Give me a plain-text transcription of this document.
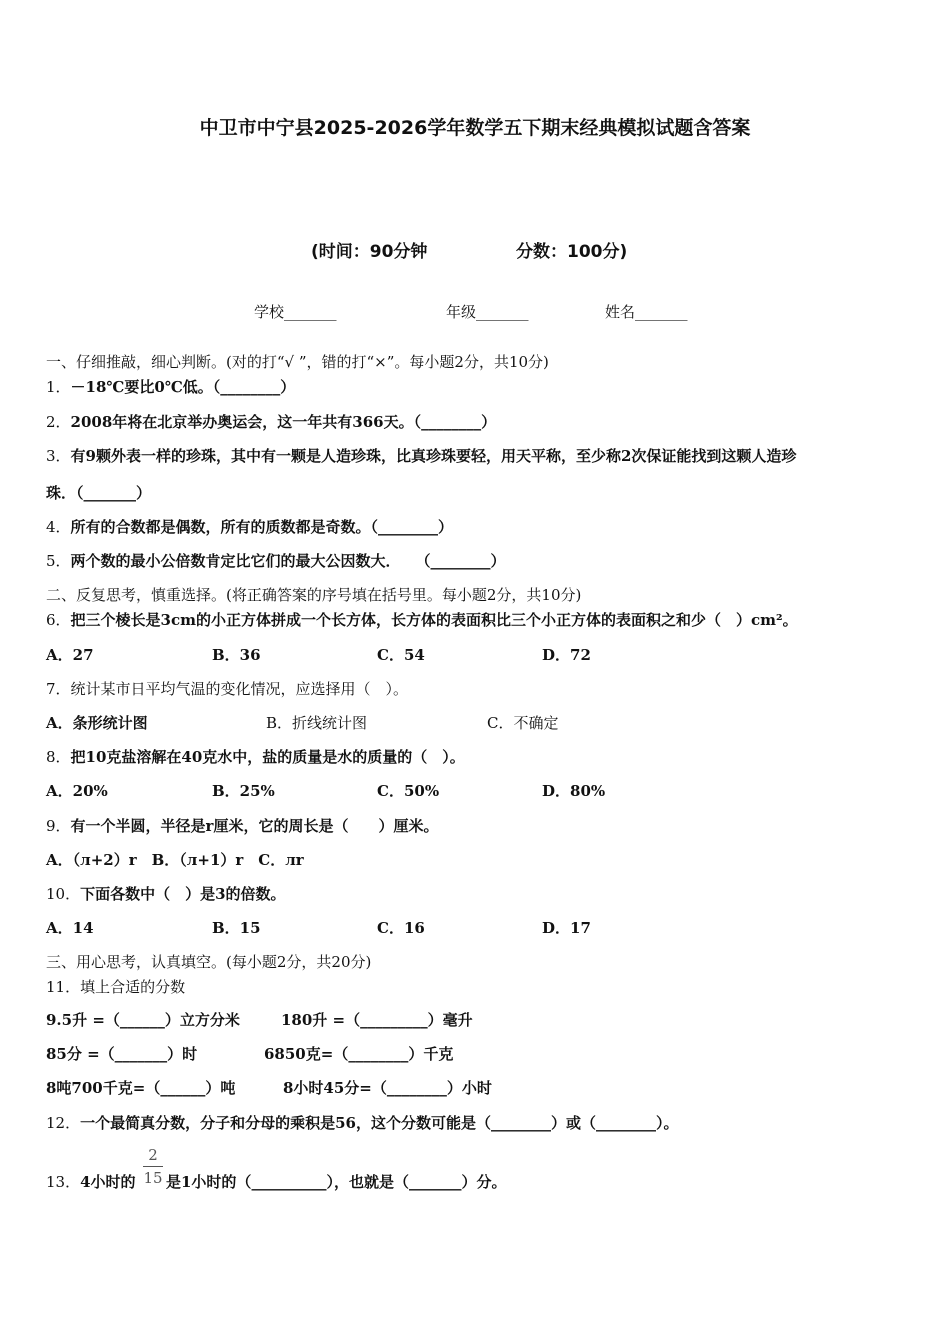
中卫市中宁县2025-2026学年数学五下期末经典模拟试题含答案
(时间：90分钟	分数：100分)
学校_______	年级_______	姓名_______
一、仔细推敲，细心判断。(对的打“√ ”，错的打“×”。每小题2分，共10分)
1．－18℃要比0℃低。（________）
2．2008年将在北京举办奥运会，这一年共有366天。（________）
3．有9颗外表一样的珍珠，其中有一颗是人造珍珠，比真珍珠要轻，用天平称，至少称2次保证能找到这颗人造珍
珠．（_______）
4．所有的合数都是偶数，所有的质数都是奇数。（________）
5．两个数的最小公倍数肯定比它们的最大公因数大．　　（________）
二、反复思考，慎重选择。(将正确答案的序号填在括号里。每小题2分，共10分)
6．把三个棱长是3cm的小正方体拼成一个长方体，长方体的表面积比三个小正方体的表面积之和少（　）cm²。
A．27	B．36	C．54	D．72
7．统计某市日平均气温的变化情况，应选择用（　）。
A．条形统计图	B．折线统计图	C．不确定
8．把10克盐溶解在40克水中，盐的质量是水的质量的（　）。
A．20%	B．25%	C．50%	D．80%
9．有一个半圆，半径是r厘米，它的周长是（　　）厘米。
A．（л+2）r　B．（л+1）r　C．лr
10．下面各数中（　）是3的倍数。
A．14	B．15	C．16	D．17
三、用心思考，认真填空。(每小题2分，共20分)
11．填上合适的分数
9.5升 =（______）立方分米	180升 =（_________）毫升
85分 =（_______）时	6850克=（________）千克
8吨700千克=（______）吨	8小时45分=（________）小时
12．一个最简真分数，分子和分母的乘积是56，这个分数可能是（________）或（________）。
13．4小时的
2
15 是1小时的（__________），也就是（_______）分。
